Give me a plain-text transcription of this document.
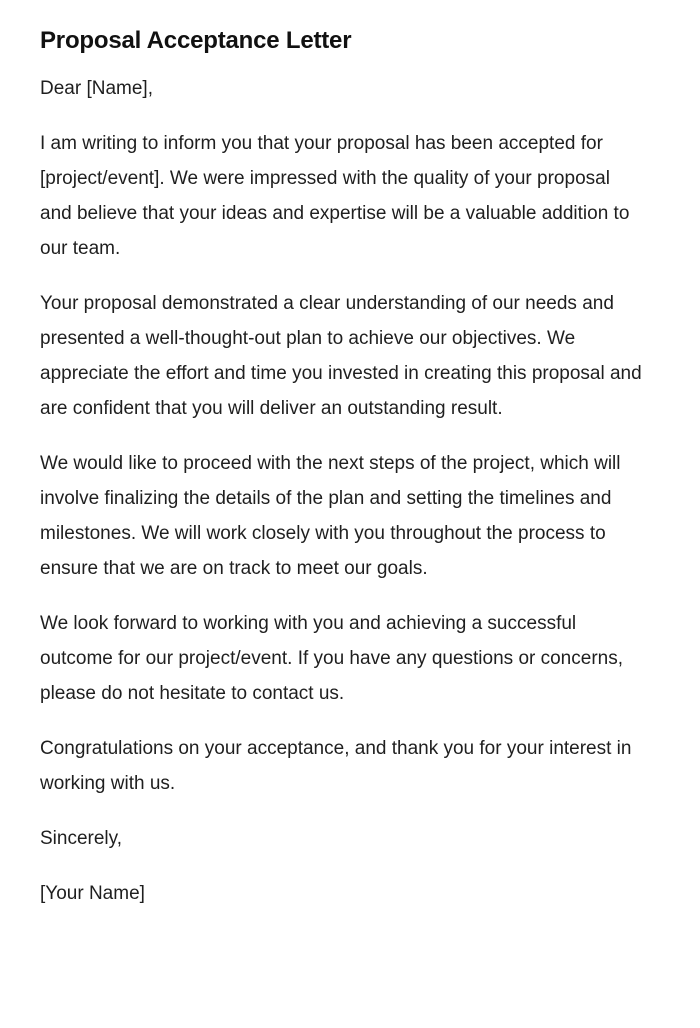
Proposal Acceptance Letter

Dear [Name],

I am writing to inform you that your proposal has been accepted for [project/event]. We were impressed with the quality of your proposal and believe that your ideas and expertise will be a valuable addition to our team.

Your proposal demonstrated a clear understanding of our needs and presented a well-thought-out plan to achieve our objectives. We appreciate the effort and time you invested in creating this proposal and are confident that you will deliver an outstanding result.

We would like to proceed with the next steps of the project, which will involve finalizing the details of the plan and setting the timelines and milestones. We will work closely with you throughout the process to ensure that we are on track to meet our goals.

We look forward to working with you and achieving a successful outcome for our project/event. If you have any questions or concerns, please do not hesitate to contact us.

Congratulations on your acceptance, and thank you for your interest in working with us.

Sincerely,

[Your Name]
